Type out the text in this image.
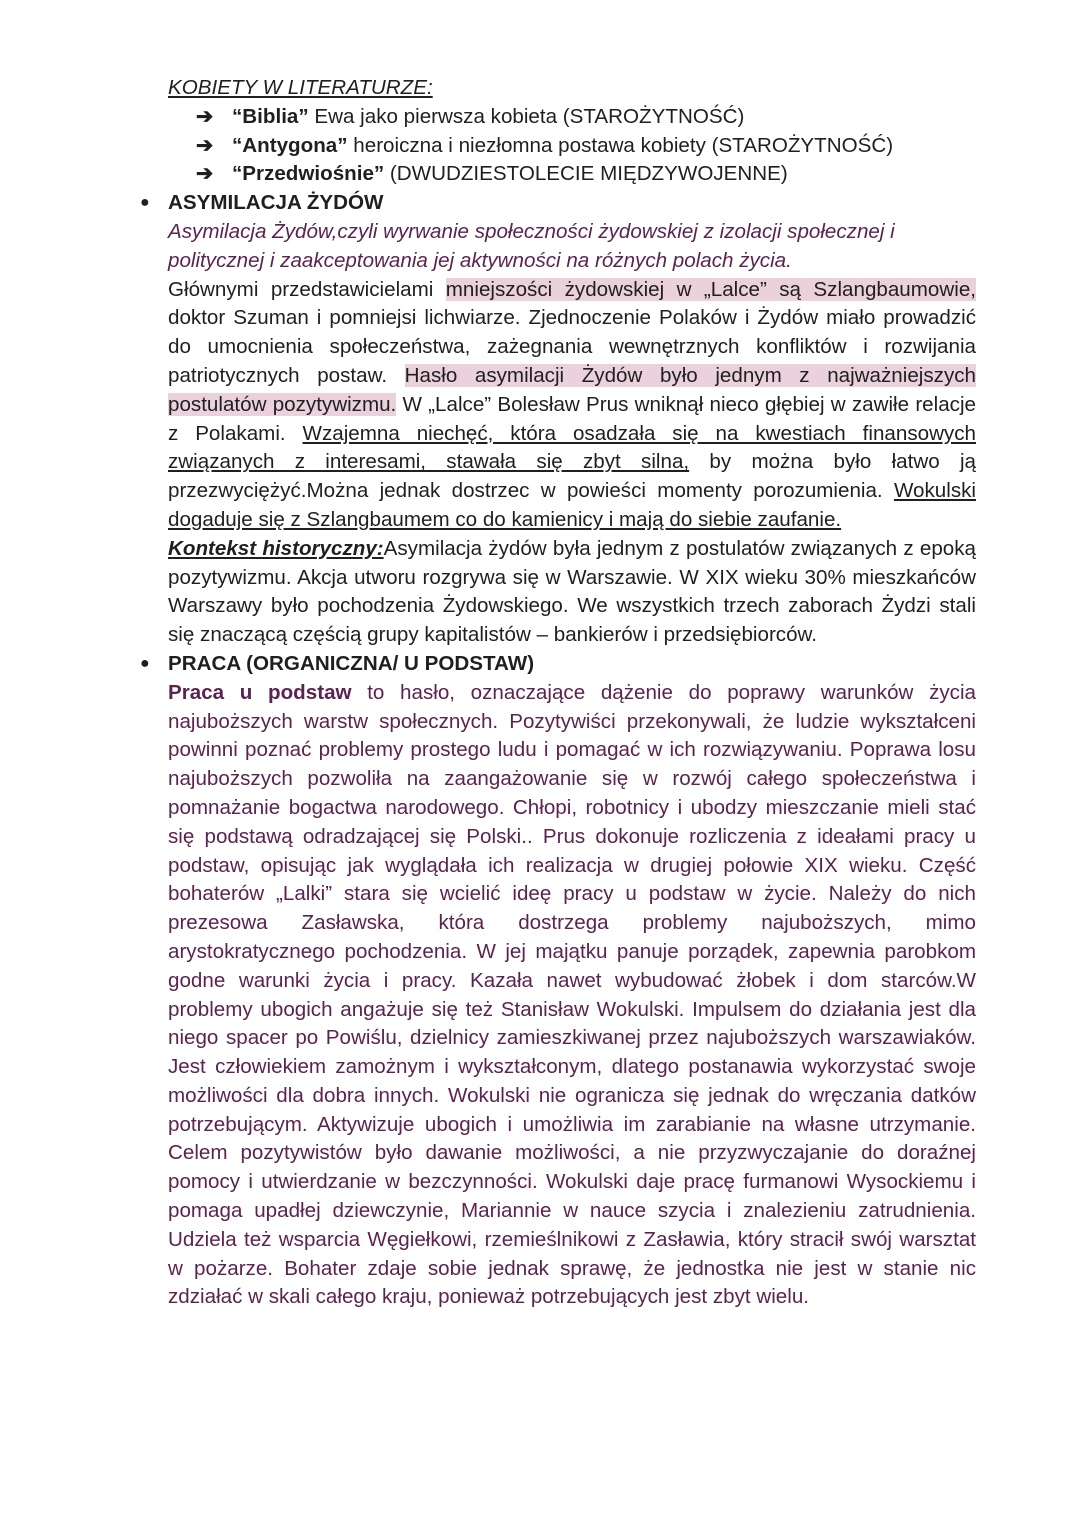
KOBIETY W LITERATURZE:

➔ “Biblia” Ewa jako pierwsza kobieta (STAROŻYTNOŚĆ)
➔ “Antygona” heroiczna i niezłomna postawa kobiety (STAROŻYTNOŚĆ)
➔ “Przedwiośnie” (DWUDZIESTOLECIE MIĘDZYWOJENNE)

● ASYMILACJA ŻYDÓW

Asymilacja Żydów,czyli wyrwanie społeczności żydowskiej z izolacji społecznej i politycznej i zaakceptowania jej aktywności na różnych polach życia.

Głównymi przedstawicielami mniejszości żydowskiej w „Lalce” są Szlangbaumowie, doktor Szuman i pomniejsi lichwiarze. Zjednoczenie Polaków i Żydów miało prowadzić do umocnienia społeczeństwa, zażegnania wewnętrznych konfliktów i rozwijania patriotycznych postaw. Hasło asymilacji Żydów było jednym z najważniejszych postulatów pozytywizmu. W „Lalce” Bolesław Prus wniknął nieco głębiej w zawiłe relacje z Polakami. Wzajemna niechęć, która osadzała się na kwestiach finansowych związanych z interesami, stawała się zbyt silna, by można było łatwo ją przezwyciężyć.Można jednak dostrzec w powieści momenty porozumienia. Wokulski dogaduje się z Szlangbaumem co do kamienicy i mają do siebie zaufanie.

Kontekst historyczny:Asymilacja żydów była jednym z postulatów związanych z epoką pozytywizmu. Akcja utworu rozgrywa się w Warszawie. W XIX wieku 30% mieszkańców Warszawy było pochodzenia Żydowskiego. We wszystkich trzech zaborach Żydzi stali się znaczącą częścią grupy kapitalistów – bankierów i przedsiębiorców.

● PRACA (ORGANICZNA/ U PODSTAW)

Praca u podstaw to hasło, oznaczające dążenie do poprawy warunków życia najuboższych warstw społecznych. Pozytywiści przekonywali, że ludzie wykształceni powinni poznać problemy prostego ludu i pomagać w ich rozwiązywaniu. Poprawa losu najuboższych pozwoliła na zaangażowanie się w rozwój całego społeczeństwa i pomnażanie bogactwa narodowego. Chłopi, robotnicy i ubodzy mieszczanie mieli stać się podstawą odradzającej się Polski.. Prus dokonuje rozliczenia z ideałami pracy u podstaw, opisując jak wyglądała ich realizacja w drugiej połowie XIX wieku. Część bohaterów „Lalki” stara się wcielić ideę pracy u podstaw w życie. Należy do nich prezesowa Zasławska, która dostrzega problemy najuboższych, mimo arystokratycznego pochodzenia. W jej majątku panuje porządek, zapewnia parobkom godne warunki życia i pracy. Kazała nawet wybudować żłobek i dom starców.W problemy ubogich angażuje się też Stanisław Wokulski. Impulsem do działania jest dla niego spacer po Powiślu, dzielnicy zamieszkiwanej przez najuboższych warszawiaków. Jest człowiekiem zamożnym i wykształconym, dlatego postanawia wykorzystać swoje możliwości dla dobra innych. Wokulski nie ogranicza się jednak do wręczania datków potrzebującym. Aktywizuje ubogich i umożliwia im zarabianie na własne utrzymanie. Celem pozytywistów było dawanie możliwości, a nie przyzwyczajanie do doraźnej pomocy i utwierdzanie w bezczynności. Wokulski daje pracę furmanowi Wysockiemu i pomaga upadłej dziewczynie, Mariannie w nauce szycia i znalezieniu zatrudnienia. Udziela też wsparcia Węgiełkowi, rzemieślnikowi z Zasławia, który stracił swój warsztat w pożarze. Bohater zdaje sobie jednak sprawę, że jednostka nie jest w stanie nic zdziałać w skali całego kraju, ponieważ potrzebujących jest zbyt wielu.
